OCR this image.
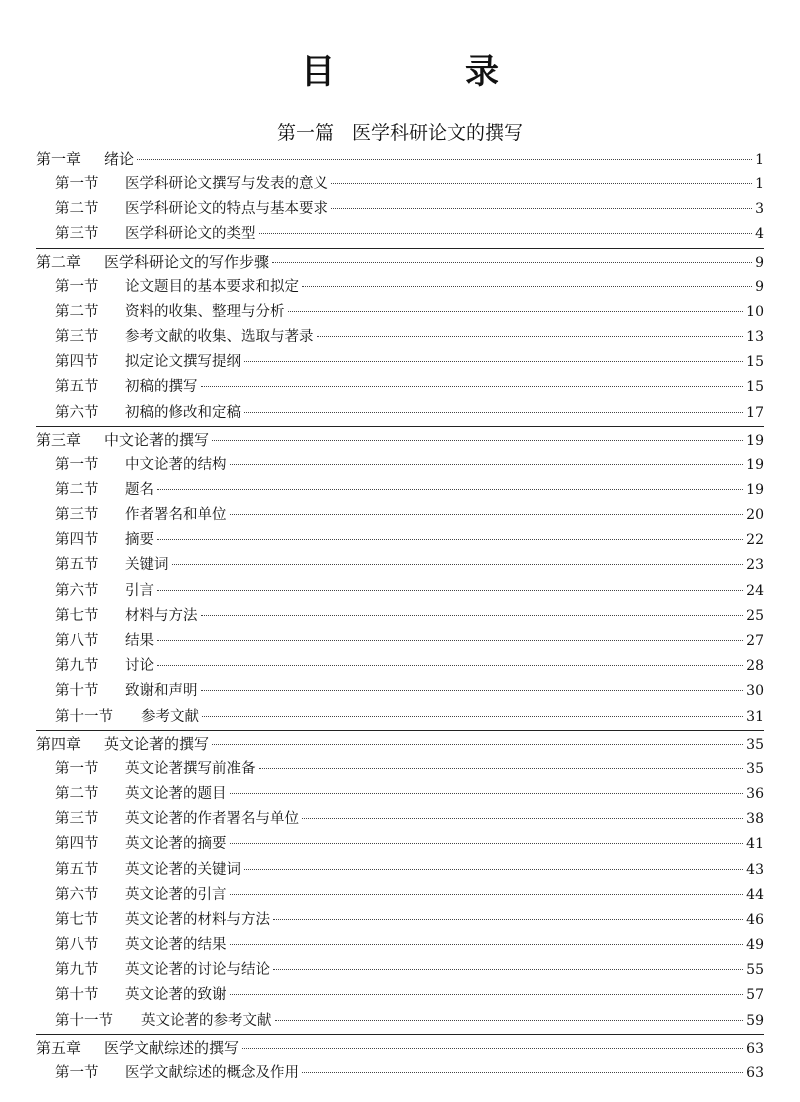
目　录
第一篇 医学科研论文的撰写
第一章	绪论	1
第一节	医学科研论文撰写与发表的意义	1
第二节	医学科研论文的特点与基本要求	3
第三节	医学科研论文的类型	4
第二章	医学科研论文的写作步骤	9
第一节	论文题目的基本要求和拟定	9
第二节	资料的收集、整理与分析	10
第三节	参考文献的收集、选取与著录	13
第四节	拟定论文撰写提纲	15
第五节	初稿的撰写	15
第六节	初稿的修改和定稿	17
第三章	中文论著的撰写	19
第一节	中文论著的结构	19
第二节	题名	19
第三节	作者署名和单位	20
第四节	摘要	22
第五节	关键词	23
第六节	引言	24
第七节	材料与方法	25
第八节	结果	27
第九节	讨论	28
第十节	致谢和声明	30
第十一节	参考文献	31
第四章	英文论著的撰写	35
第一节	英文论著撰写前准备	35
第二节	英文论著的题目	36
第三节	英文论著的作者署名与单位	38
第四节	英文论著的摘要	41
第五节	英文论著的关键词	43
第六节	英文论著的引言	44
第七节	英文论著的材料与方法	46
第八节	英文论著的结果	49
第九节	英文论著的讨论与结论	55
第十节	英文论著的致谢	57
第十一节	英文论著的参考文献	59
第五章	医学文献综述的撰写	63
第一节	医学文献综述的概念及作用	63
